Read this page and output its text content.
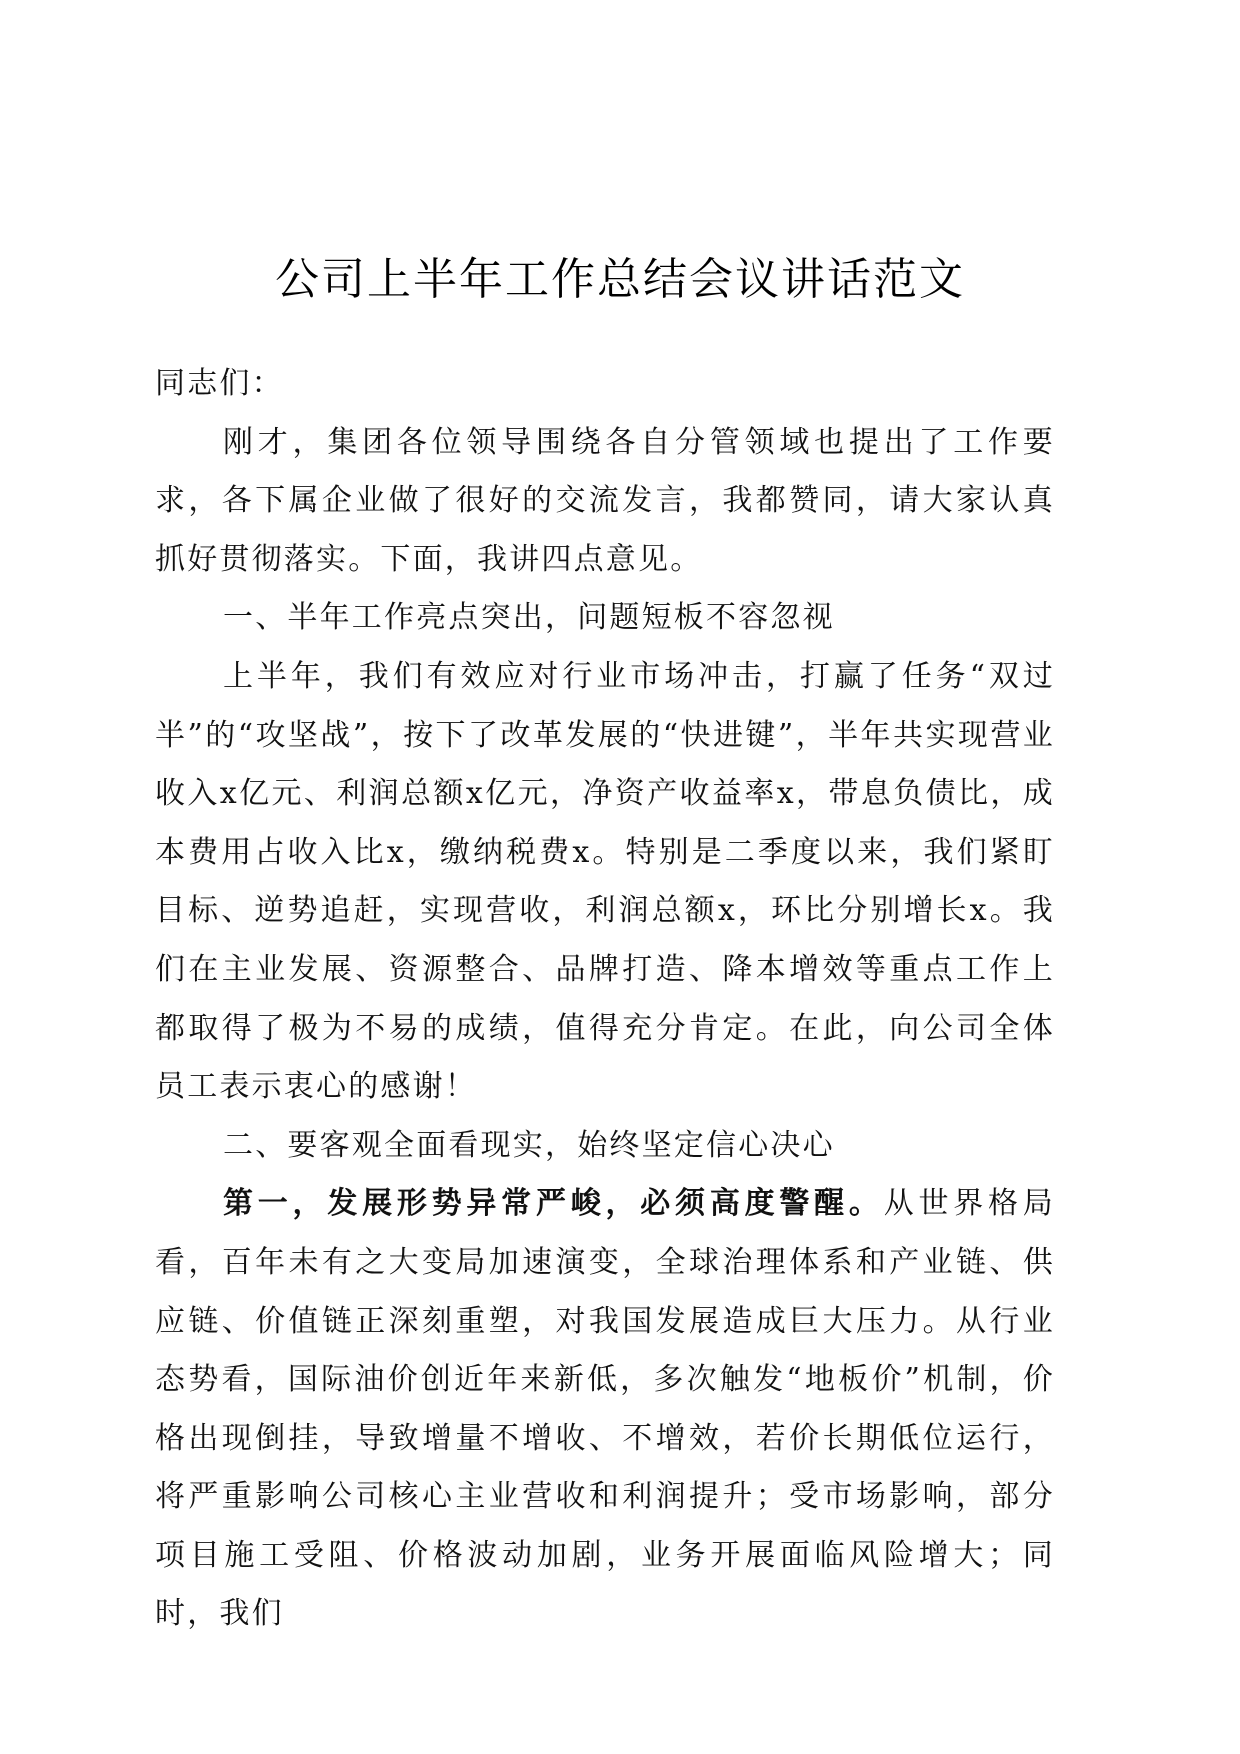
公司上半年工作总结会议讲话范文

同志们：

刚才，集团各位领导围绕各自分管领域也提出了工作要求，各下属企业做了很好的交流发言，我都赞同，请大家认真抓好贯彻落实。下面，我讲四点意见。

一、半年工作亮点突出，问题短板不容忽视

上半年，我们有效应对行业市场冲击，打赢了任务“双过半”的“攻坚战”，按下了改革发展的“快进键”，半年共实现营业收入x亿元、利润总额x亿元，净资产收益率x，带息负债比，成本费用占收入比x，缴纳税费x。特别是二季度以来，我们紧盯目标、逆势追赶，实现营收，利润总额x，环比分别增长x。我们在主业发展、资源整合、品牌打造、降本增效等重点工作上都取得了极为不易的成绩，值得充分肯定。在此，向公司全体员工表示衷心的感谢！

二、要客观全面看现实，始终坚定信心决心

第一，发展形势异常严峻，必须高度警醒。从世界格局看，百年未有之大变局加速演变，全球治理体系和产业链、供应链、价值链正深刻重塑，对我国发展造成巨大压力。从行业态势看，国际油价创近年来新低，多次触发“地板价”机制，价格出现倒挂，导致增量不增收、不增效，若价长期低位运行，将严重影响公司核心主业营收和利润提升；受市场影响，部分项目施工受阻、价格波动加剧，业务开展面临风险增大；同时，我们
